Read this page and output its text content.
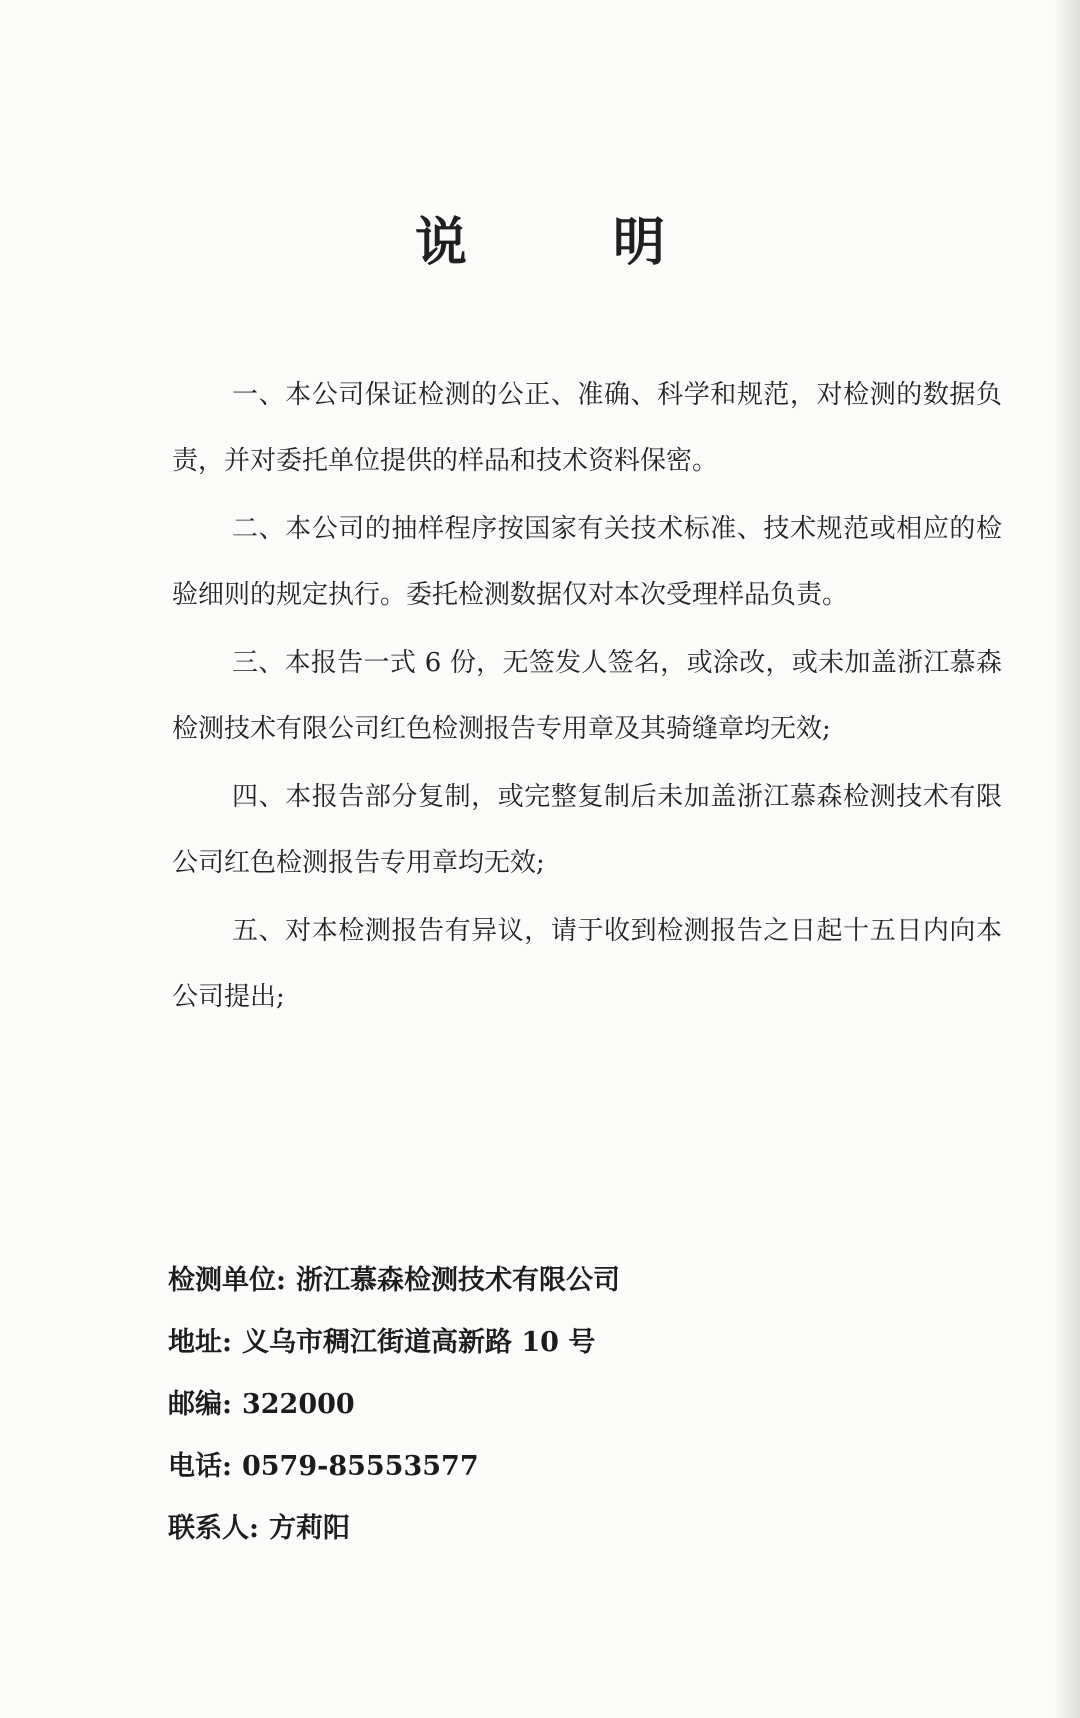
说 明

一、本公司保证检测的公正、准确、科学和规范，对检测的数据负责，并对委托单位提供的样品和技术资料保密。

二、本公司的抽样程序按国家有关技术标准、技术规范或相应的检验细则的规定执行。委托检测数据仅对本次受理样品负责。

三、本报告一式 6 份，无签发人签名，或涂改，或未加盖浙江慕森检测技术有限公司红色检测报告专用章及其骑缝章均无效;

四、本报告部分复制，或完整复制后未加盖浙江慕森检测技术有限公司红色检测报告专用章均无效;

五、对本检测报告有异议，请于收到检测报告之日起十五日内向本公司提出;

检测单位: 浙江慕森检测技术有限公司
地址: 义乌市稠江街道高新路 10 号
邮编: 322000
电话: 0579-85553577
联系人: 方莉阳
